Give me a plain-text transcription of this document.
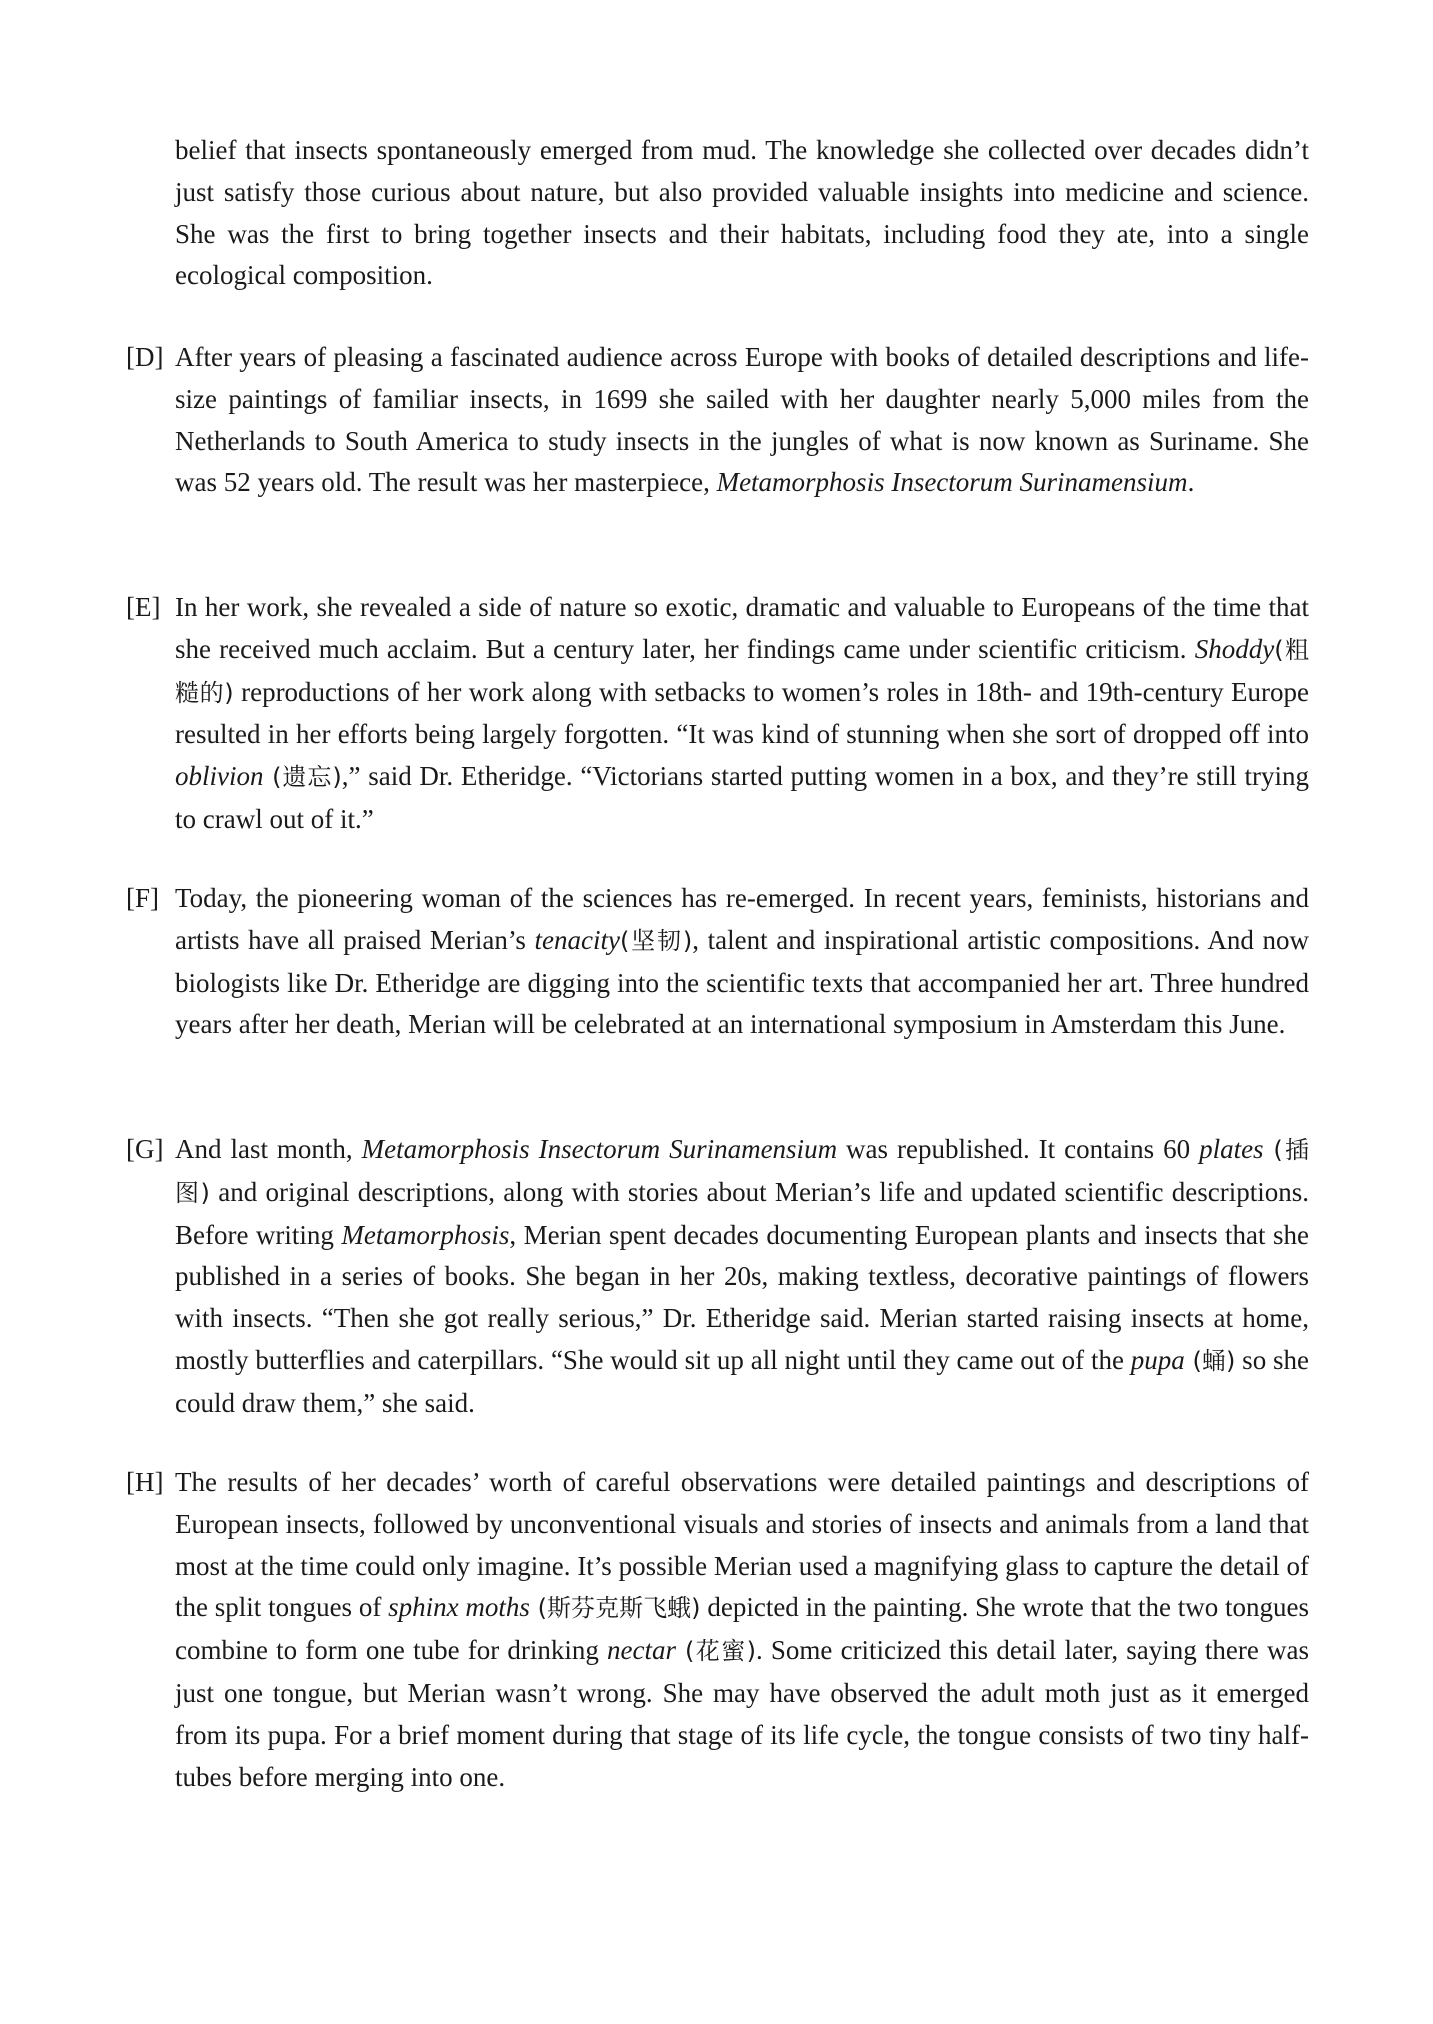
belief that insects spontaneously emerged from mud. The knowledge she collected over decades didn’t just satisfy those curious about nature, but also provided valuable insights into medicine and science. She was the first to bring together insects and their habitats, including food they ate, into a single ecological composition.

[D] After years of pleasing a fascinated audience across Europe with books of detailed descriptions and life-size paintings of familiar insects, in 1699 she sailed with her daughter nearly 5,000 miles from the Netherlands to South America to study insects in the jungles of what is now known as Suriname. She was 52 years old. The result was her masterpiece, Metamorphosis Insectorum Surinamensium.

[E] In her work, she revealed a side of nature so exotic, dramatic and valuable to Europeans of the time that she received much acclaim. But a century later, her findings came under scientific criticism. Shoddy(粗糙的) reproductions of her work along with setbacks to women’s roles in 18th- and 19th-century Europe resulted in her efforts being largely forgotten. “It was kind of stunning when she sort of dropped off into oblivion (遗忘),” said Dr. Etheridge. “Victorians started putting women in a box, and they’re still trying to crawl out of it.”

[F] Today, the pioneering woman of the sciences has re-emerged. In recent years, feminists, historians and artists have all praised Merian’s tenacity(坚韧), talent and inspirational artistic compositions. And now biologists like Dr. Etheridge are digging into the scientific texts that accompanied her art. Three hundred years after her death, Merian will be celebrated at an international symposium in Amsterdam this June.

[G] And last month, Metamorphosis Insectorum Surinamensium was republished. It contains 60 plates (插图) and original descriptions, along with stories about Merian’s life and updated scientific descriptions. Before writing Metamorphosis, Merian spent decades documenting European plants and insects that she published in a series of books. She began in her 20s, making textless, decorative paintings of flowers with insects. “Then she got really serious,” Dr. Etheridge said. Merian started raising insects at home, mostly butterflies and caterpillars. “She would sit up all night until they came out of the pupa (蛹) so she could draw them,” she said.

[H] The results of her decades’ worth of careful observations were detailed paintings and descriptions of European insects, followed by unconventional visuals and stories of insects and animals from a land that most at the time could only imagine. It’s possible Merian used a magnifying glass to capture the detail of the split tongues of sphinx moths (斯芬克斯飞蛾) depicted in the painting. She wrote that the two tongues combine to form one tube for drinking nectar (花蜜). Some criticized this detail later, saying there was just one tongue, but Merian wasn’t wrong. She may have observed the adult moth just as it emerged from its pupa. For a brief moment during that stage of its life cycle, the tongue consists of two tiny half-tubes before merging into one.
